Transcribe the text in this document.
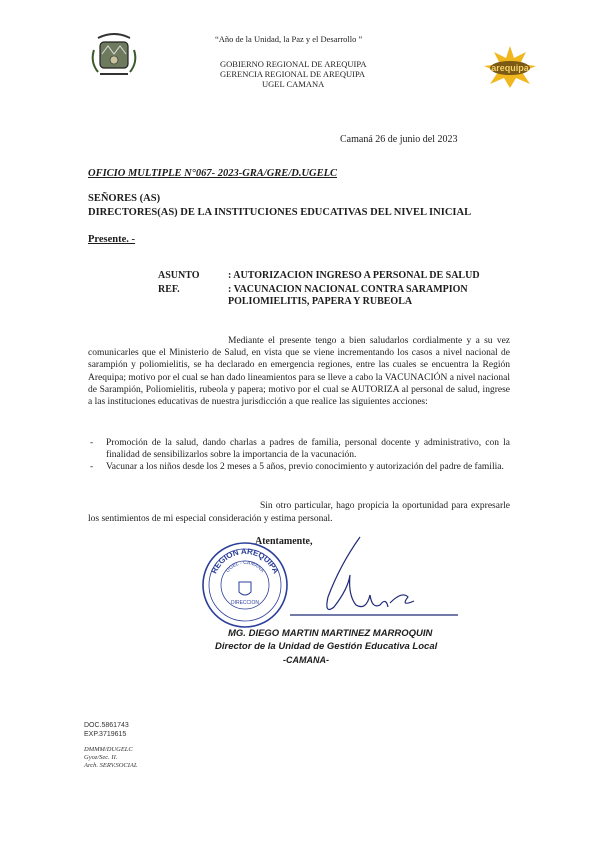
“Año de la Unidad, la Paz y el Desarrollo ”
GOBIERNO REGIONAL DE AREQUIPA
GERENCIA REGIONAL DE AREQUIPA
UGEL CAMANA
arequipa
Camaná 26 de junio del 2023
OFICIO MULTIPLE N°067- 2023-GRA/GRE/D.UGELC
SEÑORES (AS)
DIRECTORES(AS) DE LA INSTITUCIONES EDUCATIVAS DEL NIVEL INICIAL
Presente. -
ASUNTO	: AUTORIZACION INGRESO A PERSONAL DE SALUD
REF.	: VACUNACION NACIONAL CONTRA SARAMPION POLIOMIELITIS, PAPERA Y RUBEOLA
Mediante el presente tengo a bien saludarlos cordialmente y a su vez comunicarles que el Ministerio de Salud, en vista que se viene incrementando los casos a nivel nacional de sarampión y poliomielitis, se ha declarado en emergencia regiones, entre las cuales se encuentra la Región Arequipa; motivo por el cual se han dado lineamientos para se lleve a cabo la VACUNACIÓN a nivel nacional de Sarampión, Poliomielitis, rubeola y papera; motivo por el cual se AUTORIZA al personal de salud, ingrese a las instituciones educativas de nuestra jurisdicción a que realice las siguientes acciones:
- Promoción de la salud, dando charlas a padres de familia, personal docente y administrativo, con la finalidad de sensibilizarlos sobre la importancia de la vacunación.
- Vacunar a los niños desde los 2 meses a 5 años, previo conocimiento y autorización del padre de familia.
Sin otro particular, hago propicia la oportunidad para expresarle los sentimientos de mi especial consideración y estima personal.
Atentamente,
REGION AREQUIPA
UGEL - CAMANA
DIRECCION
MG. DIEGO MARTIN MARTINEZ MARROQUIN
Director de la Unidad de Gestión Educativa Local
-CAMANA-
DOC.5861743
EXP.3719615
DMMM/DUGELC
Gyoz/Sec. II.
Arch. SERV.SOCIAL
